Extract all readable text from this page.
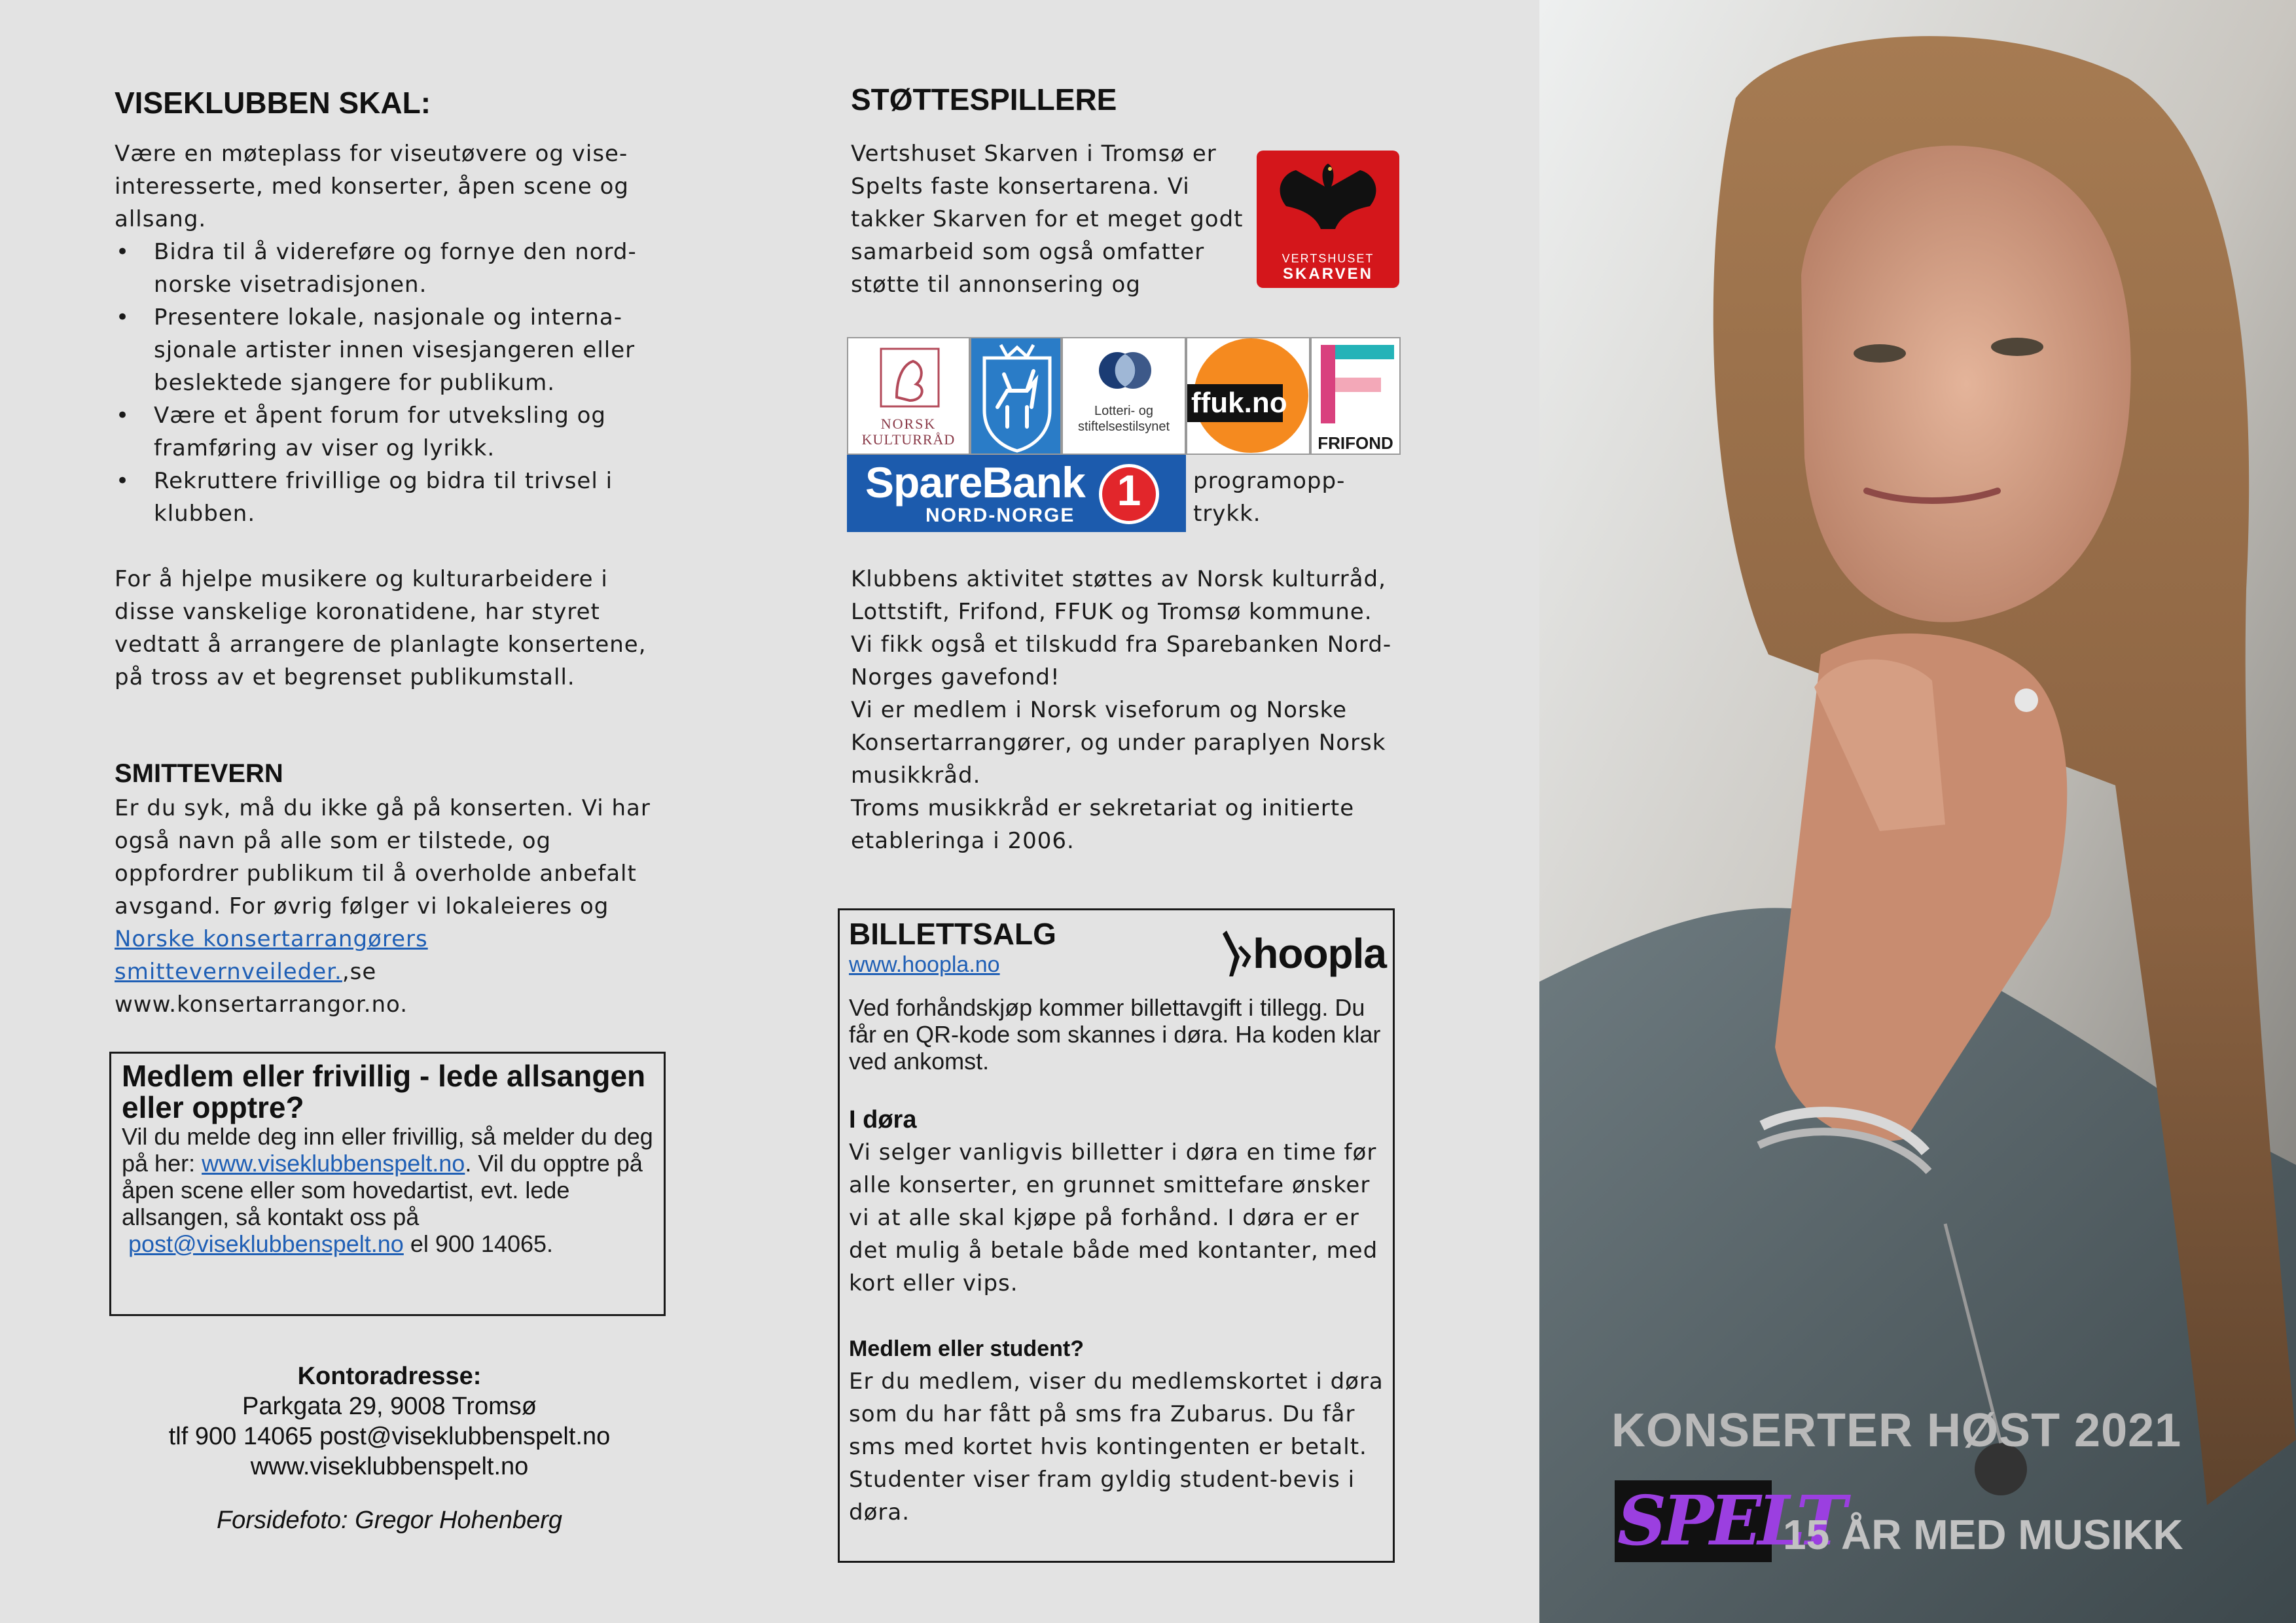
VISEKLUBBEN SKAL:

Være en møteplass for viseutøvere og vise-interesserte, med konserter, åpen scene og allsang.

• Bidra til å videreføre og fornye den nord-norske visetradisjonen.
• Presentere lokale, nasjonale og interna-sjonale artister innen visesjangeren eller beslektede sjangere for publikum.
• Være et åpent forum for utveksling og framføring av viser og lyrikk.
• Rekruttere frivillige og bidra til trivsel i klubben.

For å hjelpe musikere og kulturarbeidere i disse vanskelige koronatidene, har styret vedtatt å arrangere de planlagte konsertene, på tross av et begrenset publikumstall.

SMITTEVERN

Er du syk, må du ikke gå på konserten. Vi har også navn på alle som er tilstede, og oppfordrer publikum til å overholde anbefalt avsgand. For øvrig følger vi lokaleieres og Norske konsertarrangørers smittevernveileder.,se www.konsertarrangor.no.

Medlem eller frivillig - lede allsangen eller opptre?

Vil du melde deg inn eller frivillig, så melder du deg på her: www.viseklubbenspelt.no. Vil du opptre på åpen scene eller som hovedartist, evt. lede allsangen, så kontakt oss på  post@viseklubbenspelt.no el 900 14065.

Kontoradresse:
Parkgata 29, 9008 Tromsø
tlf 900 14065 post@viseklubbenspelt.no
www.viseklubbenspelt.no
Forsidefoto: Gregor Hohenberg
STØTTESPILLERE

Vertshuset Skarven i Tromsø er Spelts faste konsertarena. Vi takker Skarven for et meget godt samarbeid som også omfatter støtte til annonsering og

VERTSHUSET
SKARVEN
NORSK
KULTURRÅD
Lotteri- og
stiftelsestilsynet
ffuk.no
FRIFOND
SpareBank
NORD-NORGE
1	programopp-trykk.

Klubbens aktivitet støttes av Norsk kulturråd, Lottstift, Frifond, FFUK og Tromsø kommune. Vi fikk også et tilskudd fra Sparebanken Nord-Norges gavefond!

Vi er medlem i Norsk viseforum og Norske Konsertarrangører, og under paraplyen Norsk musikkråd.

Troms musikkråd er sekretariat og initierte etableringa i 2006.

BILLETTSALG
www.hoopla.no	hoopla

Ved forhåndskjøp kommer billettavgift i tillegg. Du får en QR-kode som skannes i døra. Ha koden klar ved ankomst.

I døra

Vi selger vanligvis billetter i døra en time før alle konserter, en grunnet smittefare ønsker vi at alle skal kjøpe på forhånd. I døra er er det mulig å betale både med kontanter, med kort eller vips.

Medlem eller student?

Er du medlem, viser du medlemskortet i døra som du har fått på sms fra Zubarus. Du får sms med kortet hvis kontingenten er betalt. Studenter viser fram gyldig student-bevis i døra.

KONSERTER HØST 2021
SPELT
15 ÅR MED MUSIKK
